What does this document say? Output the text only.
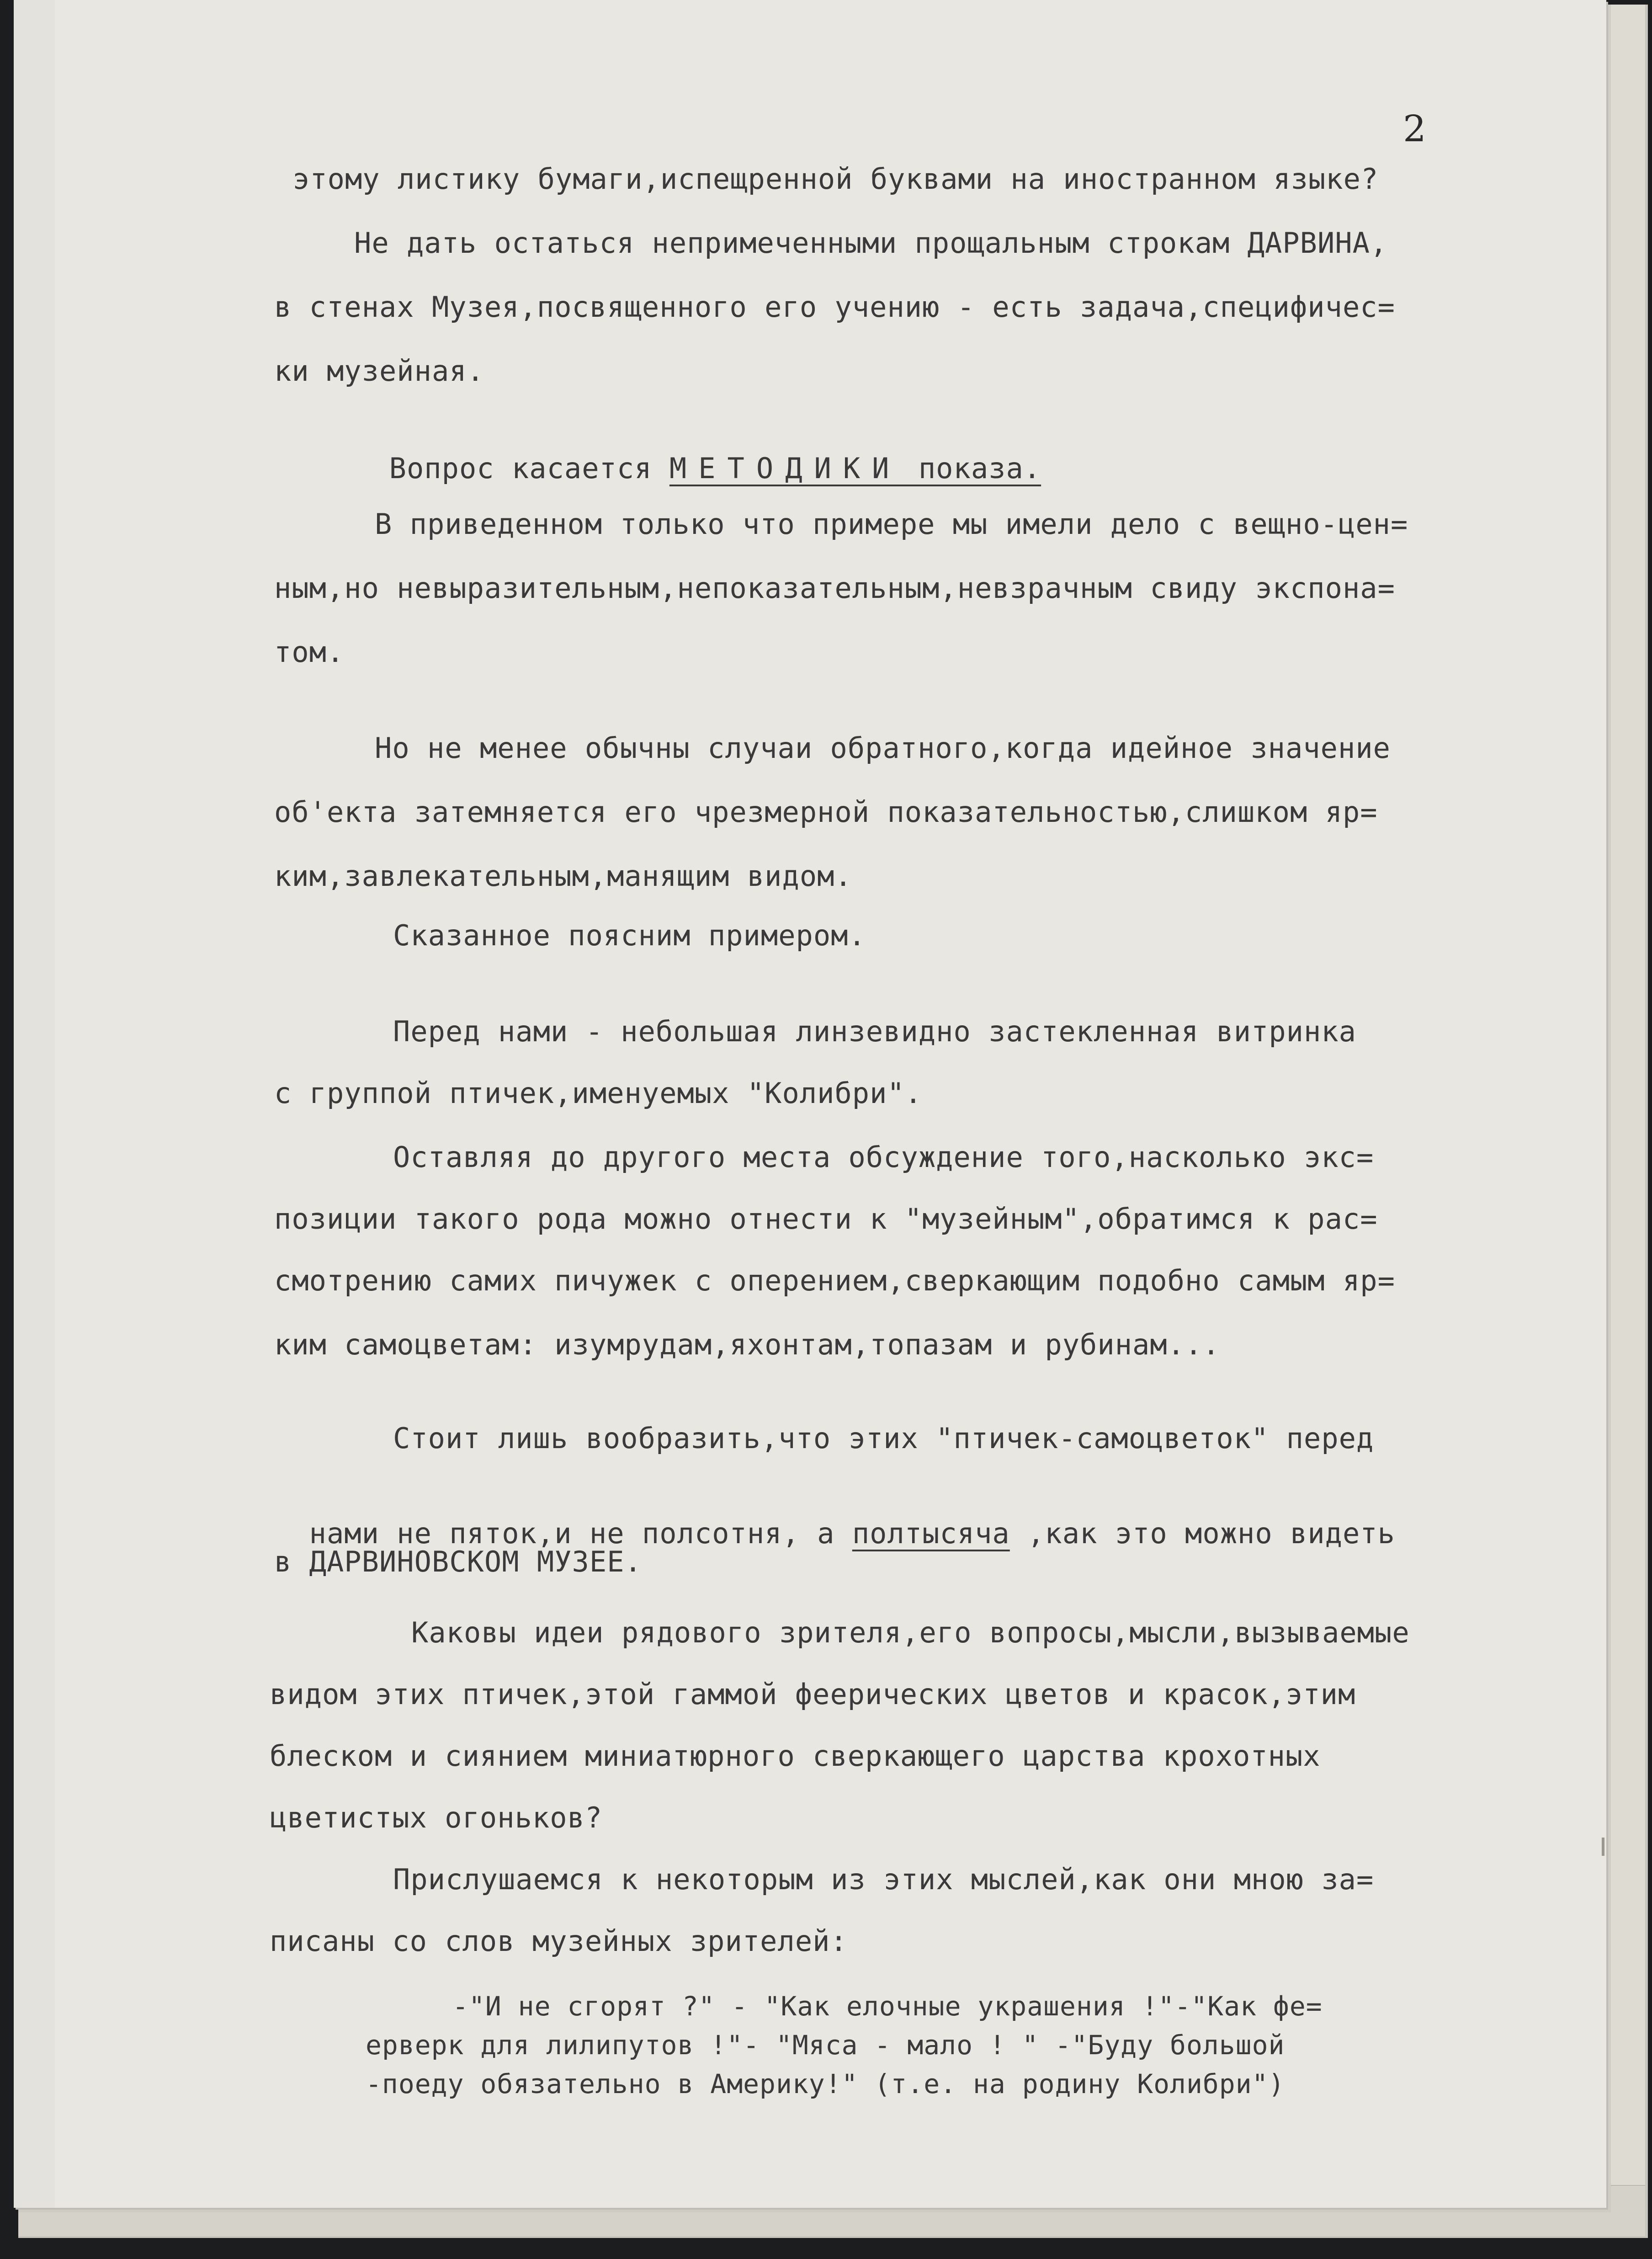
2
этому листику бумаги,испещренной буквами на иностранном языке?
Не дать остаться непримеченными прощальным строкам ДАРВИНА,
в стенах Музея,посвященного его учению - есть задача,специфичес=
ки музейная.

Вопрос касается МЕТОДИКИ показа.

В приведенном только что примере мы имели дело с вещно-цен=
ным,но невыразительным,непоказательным,невзрачным свиду экспона=
том.
Но не менее обычны случаи обратного,когда идейное значение
об'екта затемняется его чрезмерной показательностью,слишком яр=
ким,завлекательным,манящим видом.
Сказанное поясним примером.
Перед нами - небольшая линзевидно застекленная витринка
с группой птичек,именуемых "Колибри".
Оставляя до другого места обсуждение того,насколько экс=
позиции такого рода можно отнести к "музейным",обратимся к рас=
смотрению самих пичужек с оперением,сверкающим подобно самым яр=
ким самоцветам: изумрудам,яхонтам,топазам и рубинам...
Стоит лишь вообразить,что этих "птичек-самоцветок" перед

нами не пяток,и не полсотня, а полтысяча ,как это можно видеть

в ДАРВИНОВСКОМ МУЗЕЕ.
Каковы идеи рядового зрителя,его вопросы,мысли,вызываемые
видом этих птичек,этой гаммой феерических цветов и красок,этим
блеском и сиянием миниатюрного сверкающего царства крохотных
цветистых огоньков?
Прислушаемся к некоторым из этих мыслей,как они мною за=
писаны со слов музейных зрителей:
-"И не сгорят ?" - "Как елочные украшения !"-"Как фе=
ерверк для лилипутов !"- "Мяса - мало ! " -"Буду большой
-поеду обязательно в Америку!" (т.е. на родину Колибри")
